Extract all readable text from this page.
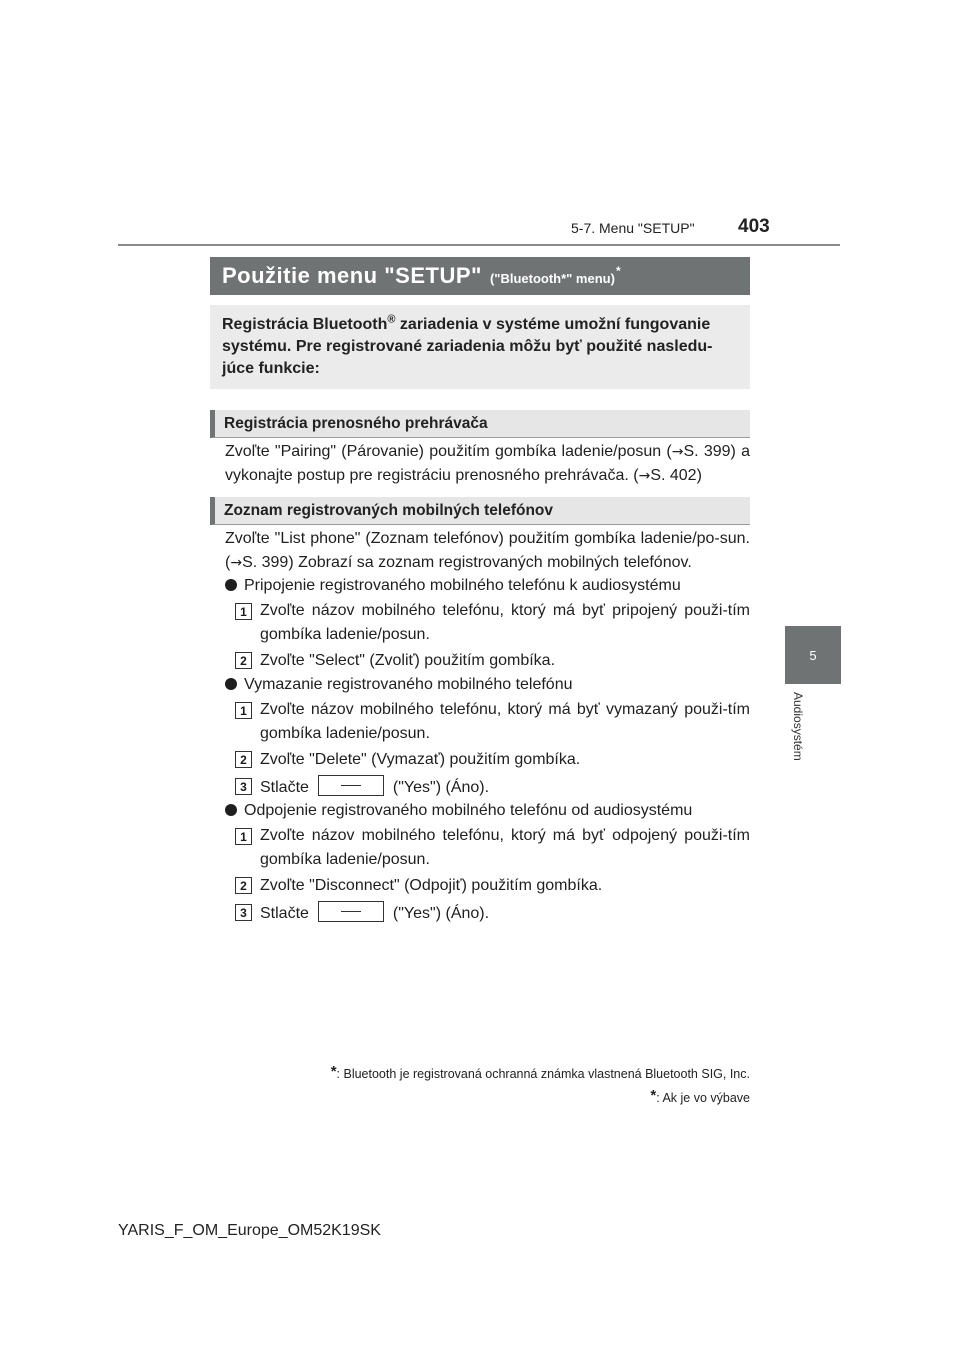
5-7. Menu "SETUP" 403
5
Audiosystém
Použitie menu "SETUP" ("Bluetooth*" menu)*
Registrácia Bluetooth® zariadenia v systéme umožní fungovanie systému. Pre registrované zariadenia môžu byť použité nasledu-júce funkcie:
Registrácia prenosného prehrávača
Zvoľte "Pairing" (Párovanie) použitím gombíka ladenie/posun (→S. 399) a vykonajte postup pre registráciu prenosného prehrávača. (→S. 402)
Zoznam registrovaných mobilných telefónov
Zvoľte "List phone" (Zoznam telefónov) použitím gombíka ladenie/po-sun. (→S. 399) Zobrazí sa zoznam registrovaných mobilných telefónov.
Pripojenie registrovaného mobilného telefónu k audiosystému
1 Zvoľte názov mobilného telefónu, ktorý má byť pripojený použi-tím gombíka ladenie/posun.
2 Zvoľte "Select" (Zvoliť) použitím gombíka.
Vymazanie registrovaného mobilného telefónu
1 Zvoľte názov mobilného telefónu, ktorý má byť vymazaný použi-tím gombíka ladenie/posun.
2 Zvoľte "Delete" (Vymazať) použitím gombíka.
3 Stlačte	("Yes") (Áno).
Odpojenie registrovaného mobilného telefónu od audiosystému
1 Zvoľte názov mobilného telefónu, ktorý má byť odpojený použi-tím gombíka ladenie/posun.
2 Zvoľte "Disconnect" (Odpojiť) použitím gombíka.
3 Stlačte	("Yes") (Áno).
*: Bluetooth je registrovaná ochranná známka vlastnená Bluetooth SIG, Inc.
*: Ak je vo výbave
YARIS_F_OM_Europe_OM52K19SK
